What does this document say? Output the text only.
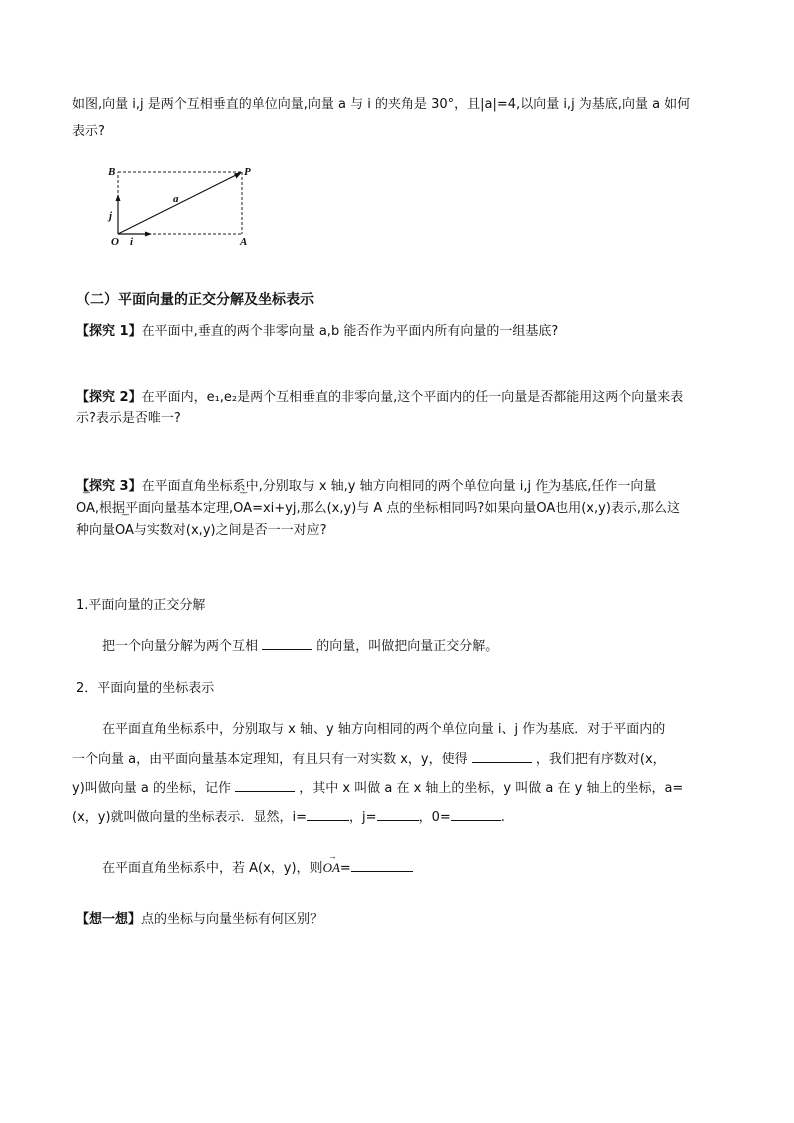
如图,向量 i,j 是两个互相垂直的单位向量,向量 a 与 i 的夹角是 30°，且|a|=4,以向量 i,j 为基底,向量 a 如何
表示?
B	P
a
j
O i	A
（二）平面向量的正交分解及坐标表示
【探究 1】在平面中,垂直的两个非零向量 a,b 能否作为平面内所有向量的一组基底?
【探究 2】在平面内，e₁,e₂是两个互相垂直的非零向量,这个平面内的任一向量是否都能用这两个向量来表
示?表示是否唯一?
【探究 3】在平面直角坐标系中,分别取与 x 轴,y 轴方向相同的两个单位向量 i,j 作为基底,任作一向量
‾‾
OA,根据平面向量基本定理,
‾‾
OA=xi+yj,那么(x,y)与 A 点的坐标相同吗?如果向量
‾‾
OA也用(x,y)表示,那么这
种向量
‾‾
OA与实数对(x,y)之间是否一一对应?
1.平面向量的正交分解
把一个向量分解为两个互相	的向量，叫做把向量正交分解。
2．平面向量的坐标表示
在平面直角坐标系中，分别取与 x 轴、y 轴方向相同的两个单位向量 i、j 作为基底．对于平面内的
一个向量 a，由平面向量基本定理知，有且只有一对实数 x，y，使得	，我们把有序数对(x，
y)叫做向量 a 的坐标，记作	，其中 x 叫做 a 在 x 轴上的坐标，y 叫做 a 在 y 轴上的坐标，a=
(x，y)就叫做向量的坐标表示．显然，i=	，j=	，0=	.
在平面直角坐标系中，若 A(x，y)，则
→
OA=
【想一想】点的坐标与向量坐标有何区别？
